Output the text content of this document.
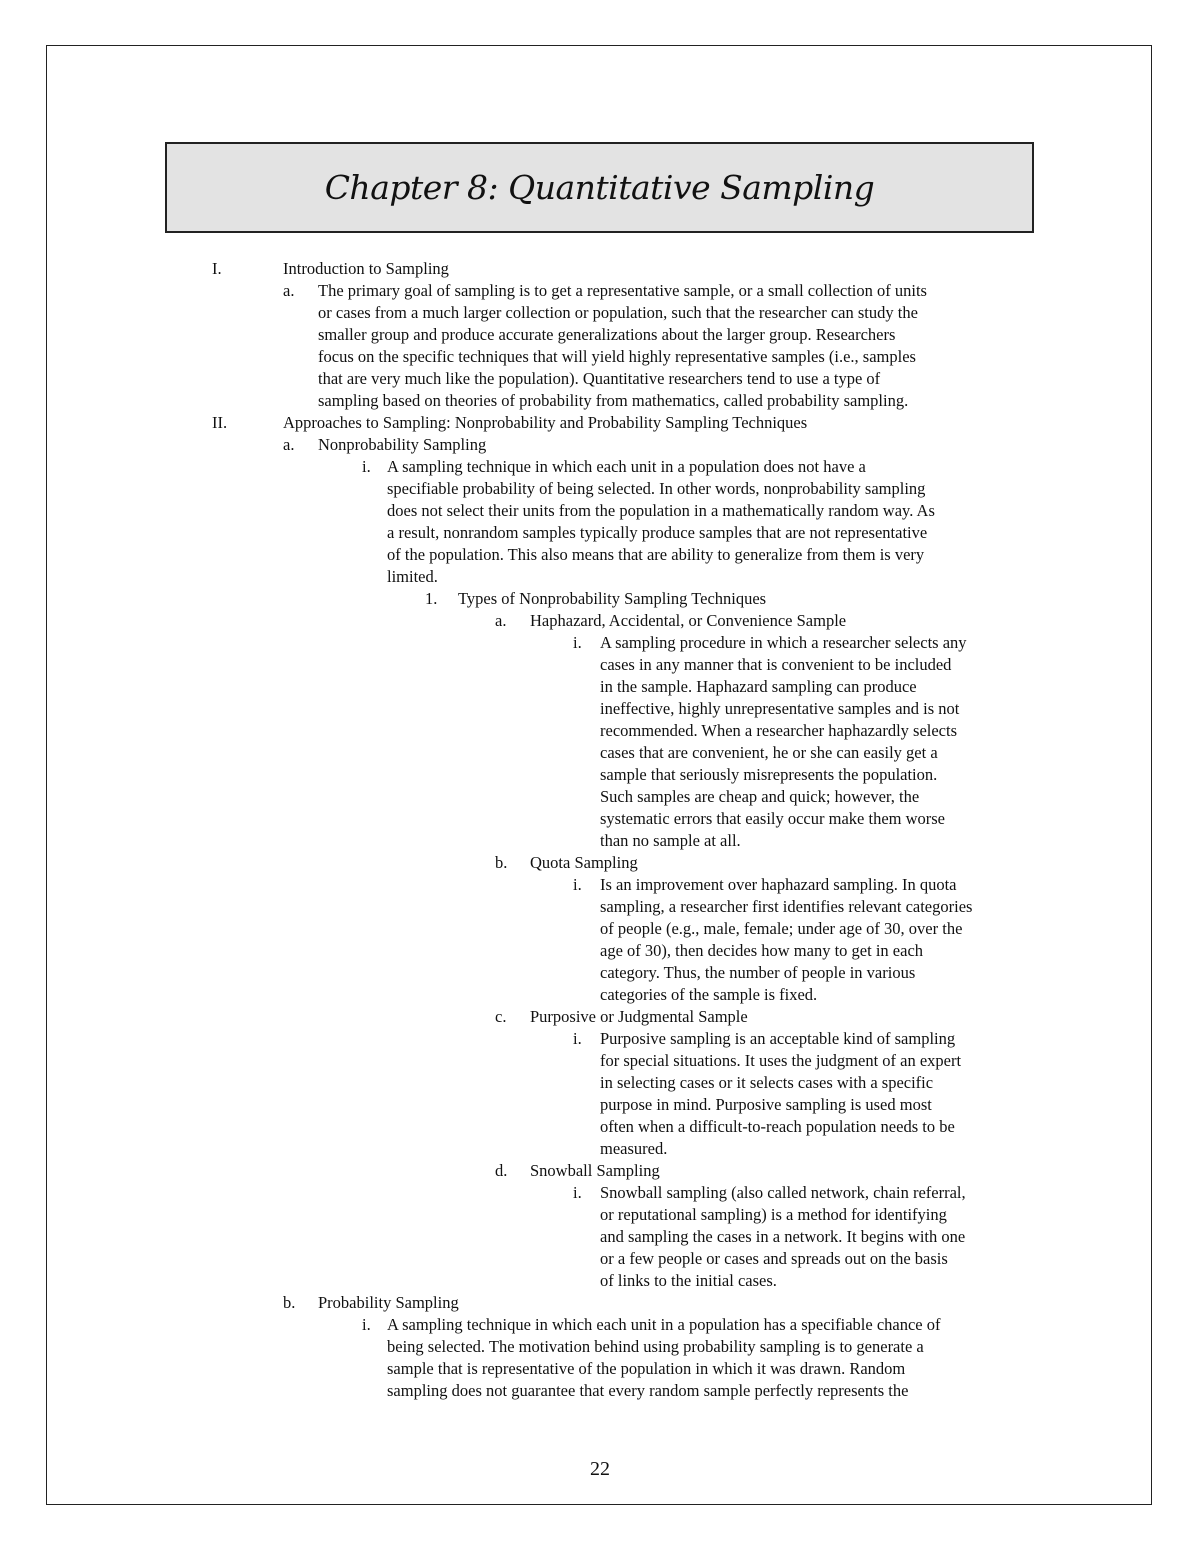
Chapter 8: Quantitative Sampling
I.	Introduction to Sampling
a. The primary goal of sampling is to get a representative sample, or a small collection of units
or cases from a much larger collection or population, such that the researcher can study the
smaller group and produce accurate generalizations about the larger group. Researchers
focus on the specific techniques that will yield highly representative samples (i.e., samples
that are very much like the population). Quantitative researchers tend to use a type of
sampling based on theories of probability from mathematics, called probability sampling.
II.	Approaches to Sampling: Nonprobability and Probability Sampling Techniques
a. Nonprobability Sampling
i. A sampling technique in which each unit in a population does not have a
specifiable probability of being selected. In other words, nonprobability sampling
does not select their units from the population in a mathematically random way. As
a result, nonrandom samples typically produce samples that are not representative
of the population. This also means that are ability to generalize from them is very
limited.
1. Types of Nonprobability Sampling Techniques
a. Haphazard, Accidental, or Convenience Sample
i. A sampling procedure in which a researcher selects any
cases in any manner that is convenient to be included
in the sample. Haphazard sampling can produce
ineffective, highly unrepresentative samples and is not
recommended. When a researcher haphazardly selects
cases that are convenient, he or she can easily get a
sample that seriously misrepresents the population.
Such samples are cheap and quick; however, the
systematic errors that easily occur make them worse
than no sample at all.
b. Quota Sampling
i. Is an improvement over haphazard sampling. In quota
sampling, a researcher first identifies relevant categories
of people (e.g., male, female; under age of 30, over the
age of 30), then decides how many to get in each
category. Thus, the number of people in various
categories of the sample is fixed.
c. Purposive or Judgmental Sample
i. Purposive sampling is an acceptable kind of sampling
for special situations. It uses the judgment of an expert
in selecting cases or it selects cases with a specific
purpose in mind. Purposive sampling is used most
often when a difficult-to-reach population needs to be
measured.
d. Snowball Sampling
i. Snowball sampling (also called network, chain referral,
or reputational sampling) is a method for identifying
and sampling the cases in a network. It begins with one
or a few people or cases and spreads out on the basis
of links to the initial cases.
b. Probability Sampling
i. A sampling technique in which each unit in a population has a specifiable chance of
being selected. The motivation behind using probability sampling is to generate a
sample that is representative of the population in which it was drawn. Random
sampling does not guarantee that every random sample perfectly represents the
22
